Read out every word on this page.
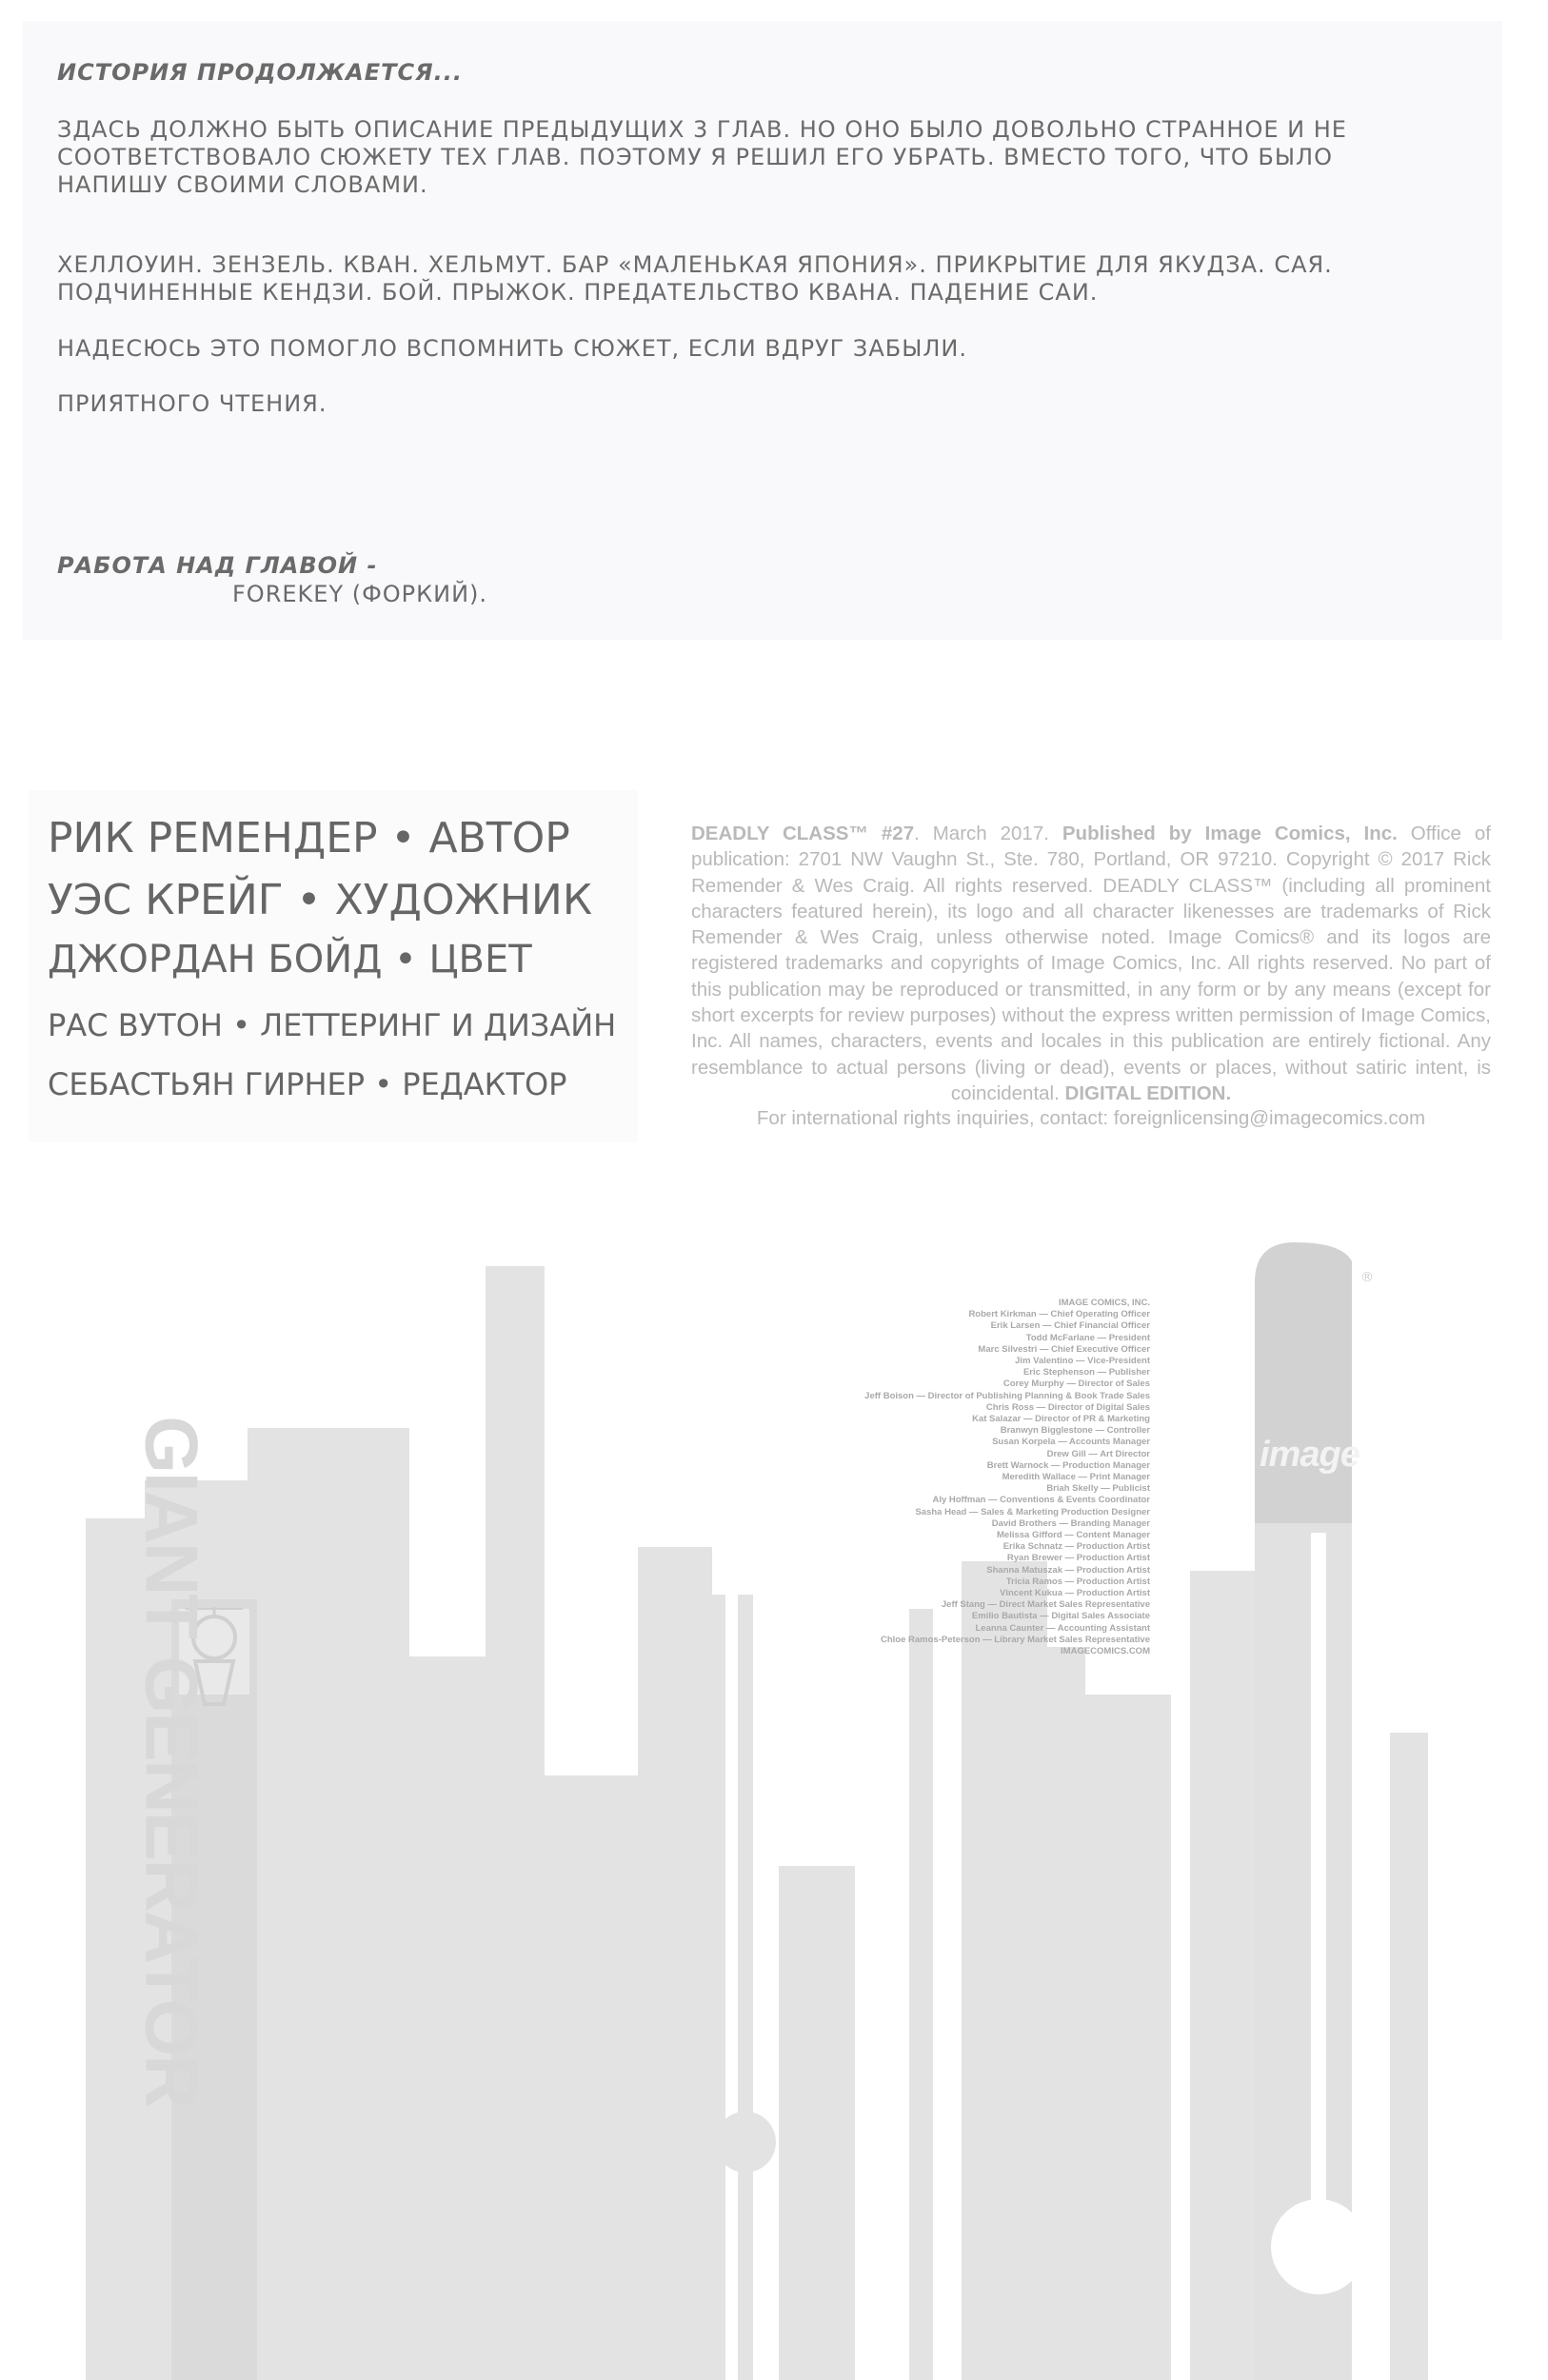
ИСТОРИЯ ПРОДОЛЖАЕТСЯ...
ЗДАСЬ ДОЛЖНО БЫТЬ ОПИСАНИЕ ПРЕДЫДУЩИХ 3 ГЛАВ. НО ОНО БЫЛО ДОВОЛЬНО СТРАННОЕ И НЕ СООТВЕТСТВОВАЛО СЮЖЕТУ ТЕХ ГЛАВ. ПОЭТОМУ Я РЕШИЛ ЕГО УБРАТЬ. ВМЕСТО ТОГО, ЧТО БЫЛО НАПИШУ СВОИМИ СЛОВАМИ.
ХЕЛЛОУИН. ЗЕНЗЕЛЬ. КВАН. ХЕЛЬМУТ. БАР «МАЛЕНЬКАЯ ЯПОНИЯ». ПРИКРЫТИЕ ДЛЯ ЯКУДЗА. САЯ. ПОДЧИНЕННЫЕ КЕНДЗИ. БОЙ. ПРЫЖОК. ПРЕДАТЕЛЬСТВО КВАНА. ПАДЕНИЕ САИ.
НАДЕСЮСЬ ЭТО ПОМОГЛО ВСПОМНИТЬ СЮЖЕТ, ЕСЛИ ВДРУГ ЗАБЫЛИ.
ПРИЯТНОГО ЧТЕНИЯ.
РАБОТА НАД ГЛАВОЙ -
FOREKEY (ФОРКИЙ).
РИК РЕМЕНДЕР • АВТОР
УЭС КРЕЙГ • ХУДОЖНИК
ДЖОРДАН БОЙД • ЦВЕТ
РАС ВУТОН • ЛЕТТЕРИНГ И ДИЗАЙН
СЕБАСТЬЯН ГИРНЕР • РЕДАКТОР
DEADLY CLASS™ #27. March 2017. Published by Image Comics, Inc. Office of publication: 2701 NW Vaughn St., Ste. 780, Portland, OR 97210. Copyright © 2017 Rick Remender & Wes Craig. All rights reserved. DEADLY CLASS™ (including all prominent characters featured herein), its logo and all character likenesses are trademarks of Rick Remender & Wes Craig, unless otherwise noted. Image Comics® and its logos are registered trademarks and copyrights of Image Comics, Inc. All rights reserved. No part of this publication may be reproduced or transmitted, in any form or by any means (except for short excerpts for review purposes) without the express written permission of Image Comics, Inc. All names, characters, events and locales in this publication are entirely fictional. Any resemblance to actual persons (living or dead), events or places, without satiric intent, is coincidental. DIGITAL EDITION.
For international rights inquiries, contact: foreignlicensing@imagecomics.com
GIANT GENERATOR	image
®
IMAGE COMICS, INC.
Robert Kirkman — Chief Operating Officer
Erik Larsen — Chief Financial Officer
Todd McFarlane — President
Marc Silvestri — Chief Executive Officer
Jim Valentino — Vice-President
Eric Stephenson — Publisher
Corey Murphy — Director of Sales
Jeff Boison — Director of Publishing Planning & Book Trade Sales
Chris Ross — Director of Digital Sales
Kat Salazar — Director of PR & Marketing
Branwyn Bigglestone — Controller
Susan Korpela — Accounts Manager
Drew Gill — Art Director
Brett Warnock — Production Manager
Meredith Wallace — Print Manager
Briah Skelly — Publicist
Aly Hoffman — Conventions & Events Coordinator
Sasha Head — Sales & Marketing Production Designer
David Brothers — Branding Manager
Melissa Gifford — Content Manager
Erika Schnatz — Production Artist
Ryan Brewer — Production Artist
Shanna Matuszak — Production Artist
Tricia Ramos — Production Artist
Vincent Kukua — Production Artist
Jeff Stang — Direct Market Sales Representative
Emilio Bautista — Digital Sales Associate
Leanna Caunter — Accounting Assistant
Chloe Ramos-Peterson — Library Market Sales Representative
IMAGECOMICS.COM
